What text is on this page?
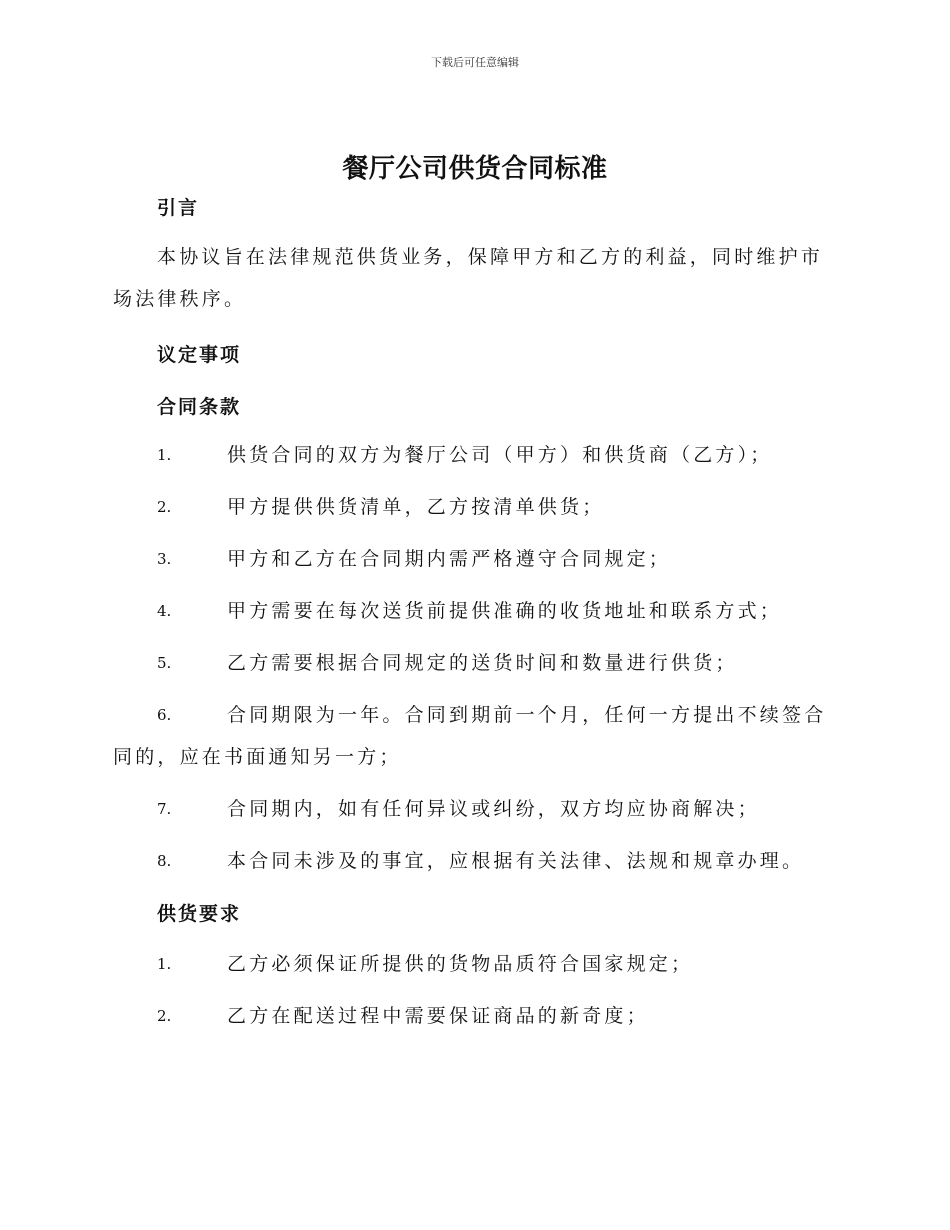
下载后可任意编辑
餐厅公司供货合同标准
引言
本协议旨在法律规范供货业务，保障甲方和乙方的利益，同时维护市场法律秩序。
议定事项
合同条款
1.	供货合同的双方为餐厅公司（甲方）和供货商（乙方）；
2.	甲方提供供货清单，乙方按清单供货；
3.	甲方和乙方在合同期内需严格遵守合同规定；
4.	甲方需要在每次送货前提供准确的收货地址和联系方式；
5.	乙方需要根据合同规定的送货时间和数量进行供货；
6.	合同期限为一年。合同到期前一个月，任何一方提出不续签合同的，应在书面通知另一方；
7.	合同期内，如有任何异议或纠纷，双方均应协商解决；
8.	本合同未涉及的事宜，应根据有关法律、法规和规章办理。
供货要求
1.	乙方必须保证所提供的货物品质符合国家规定；
2.	乙方在配送过程中需要保证商品的新奇度；
